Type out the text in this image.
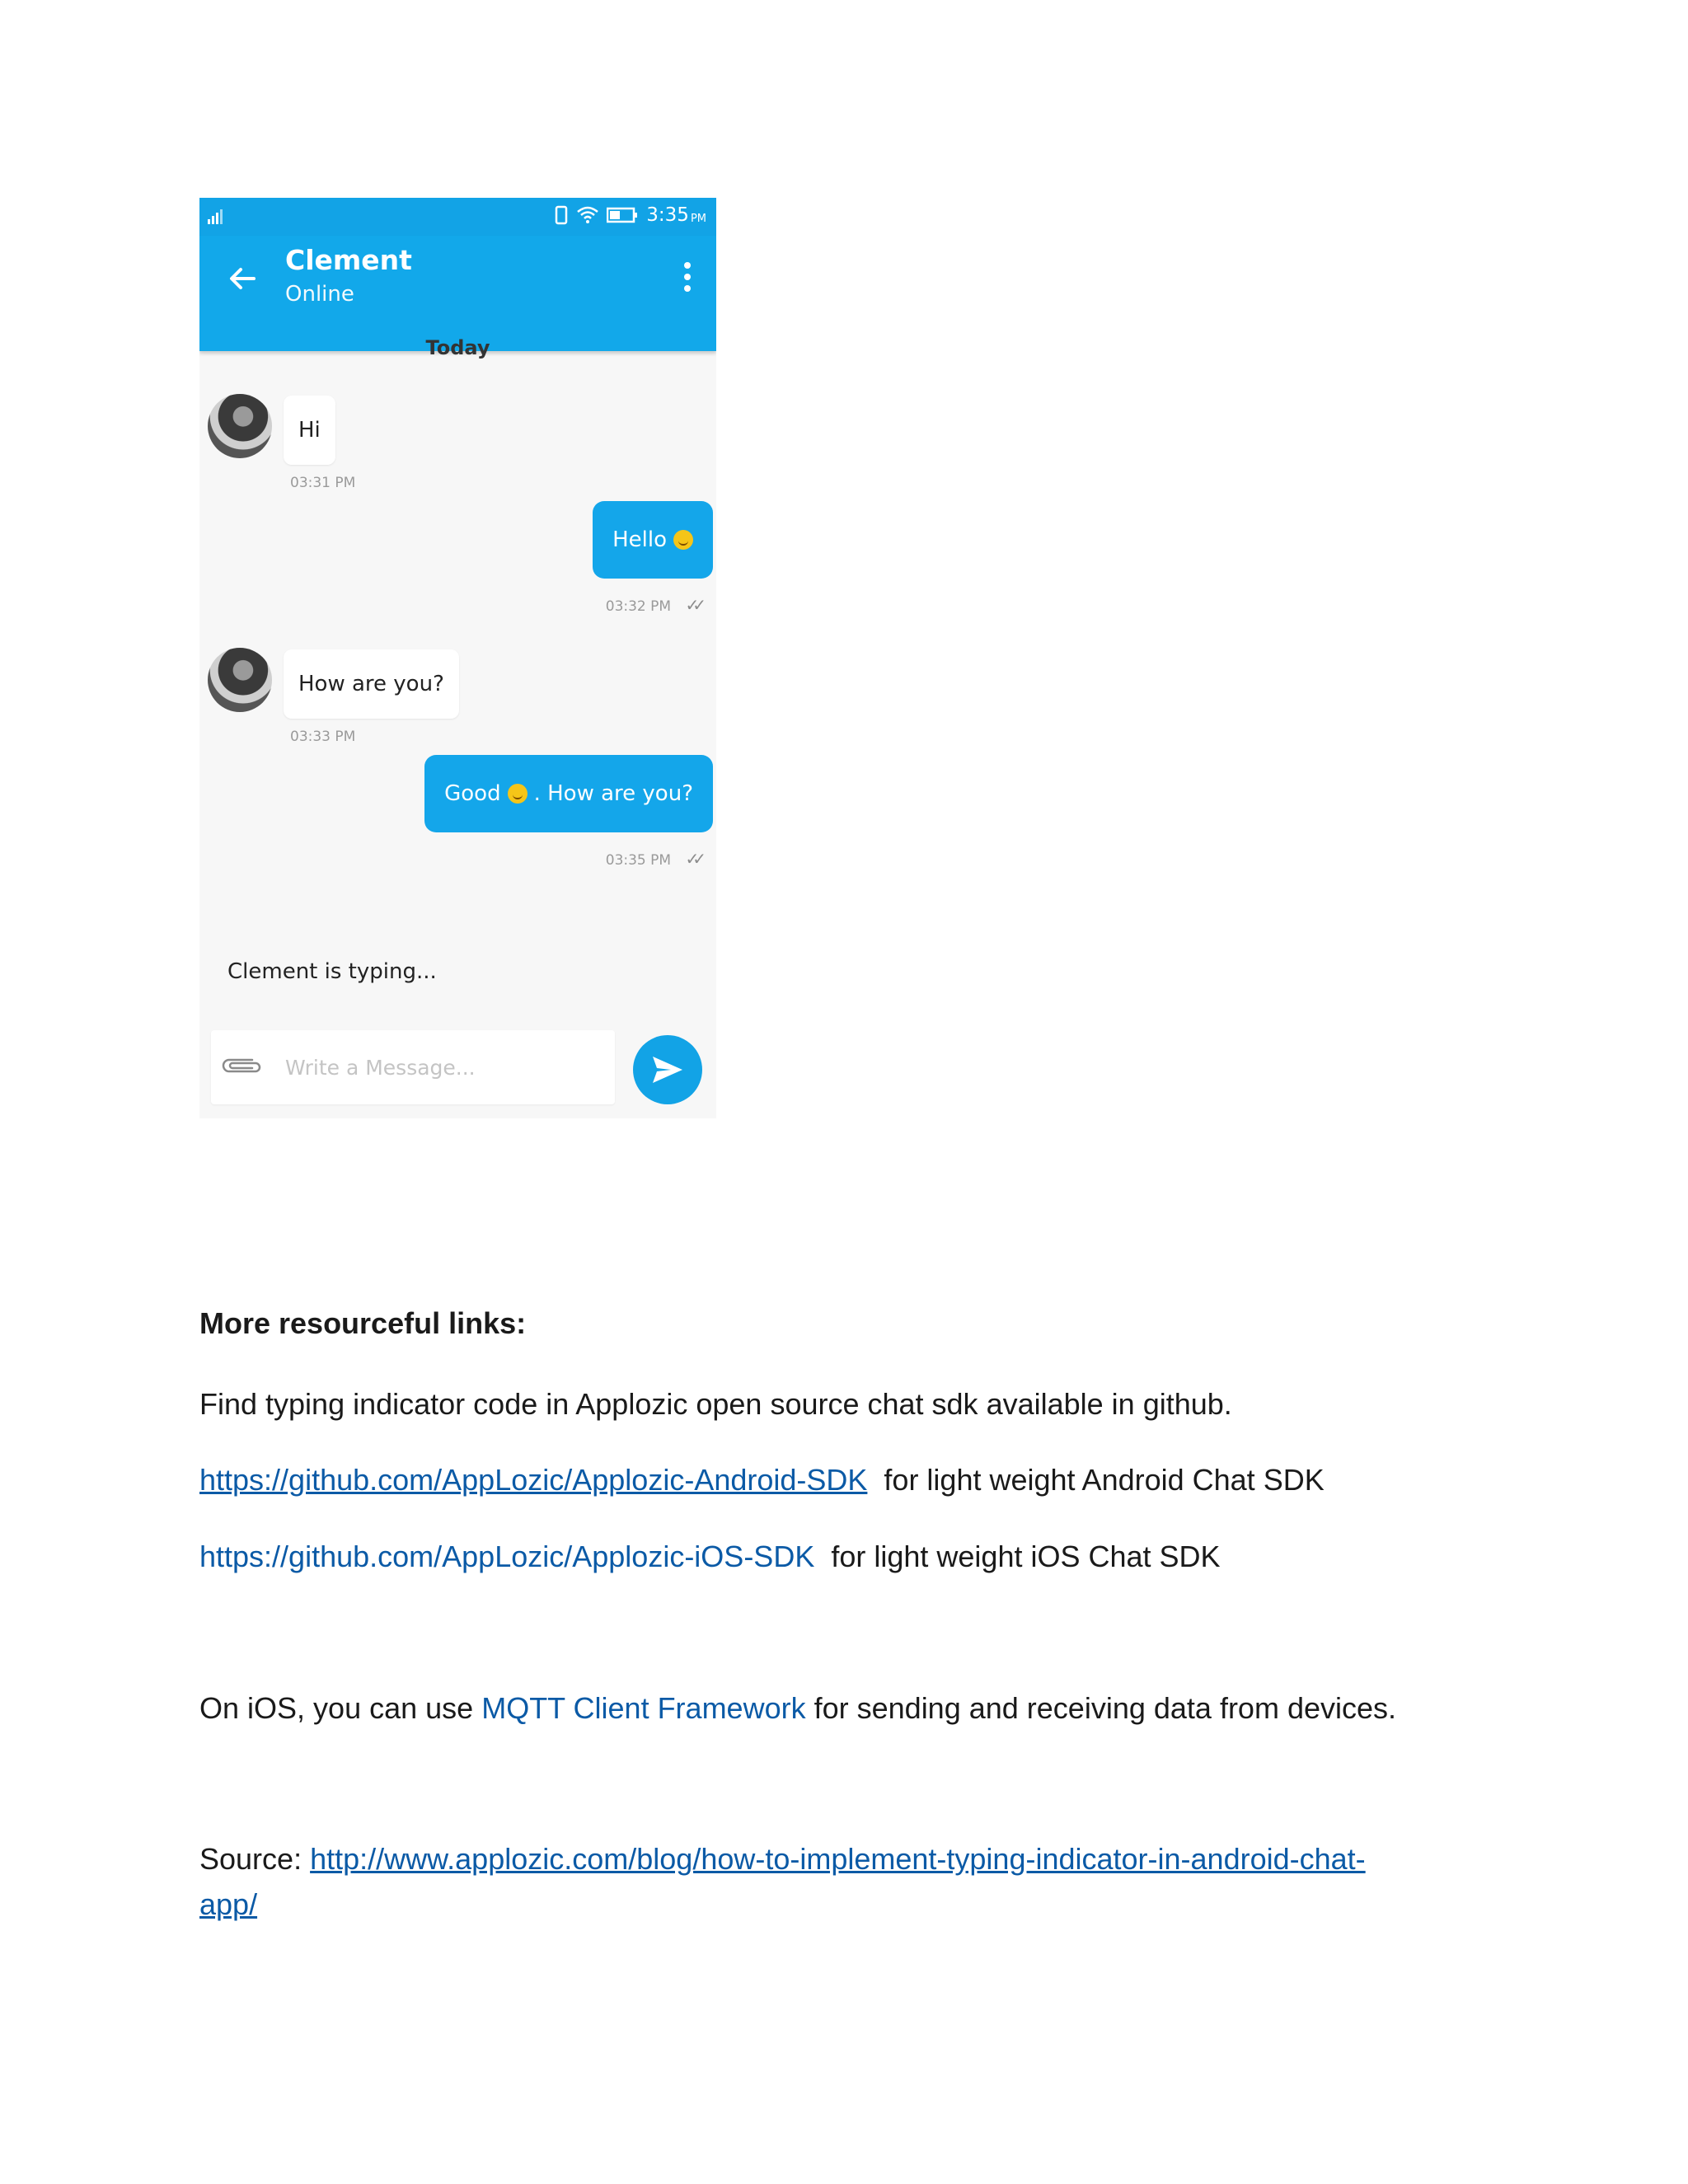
3:35 PM
Clement
Online
Today
Hi
03:31 PM
Hello
03:32 PM ✓✓
How are you?
03:33 PM
Good . How are you?
03:35 PM ✓✓
Clement is typing...
Write a Message...
More resourceful links:
Find typing indicator code in Applozic open source chat sdk available in github.
https://github.com/AppLozic/Applozic-Android-SDK for light weight Android Chat SDK
https://github.com/AppLozic/Applozic-iOS-SDK for light weight iOS Chat SDK
On iOS, you can use MQTT Client Framework for sending and receiving data from devices.
Source: http://www.applozic.com/blog/how-to-implement-typing-indicator-in-android-chat-
app/
